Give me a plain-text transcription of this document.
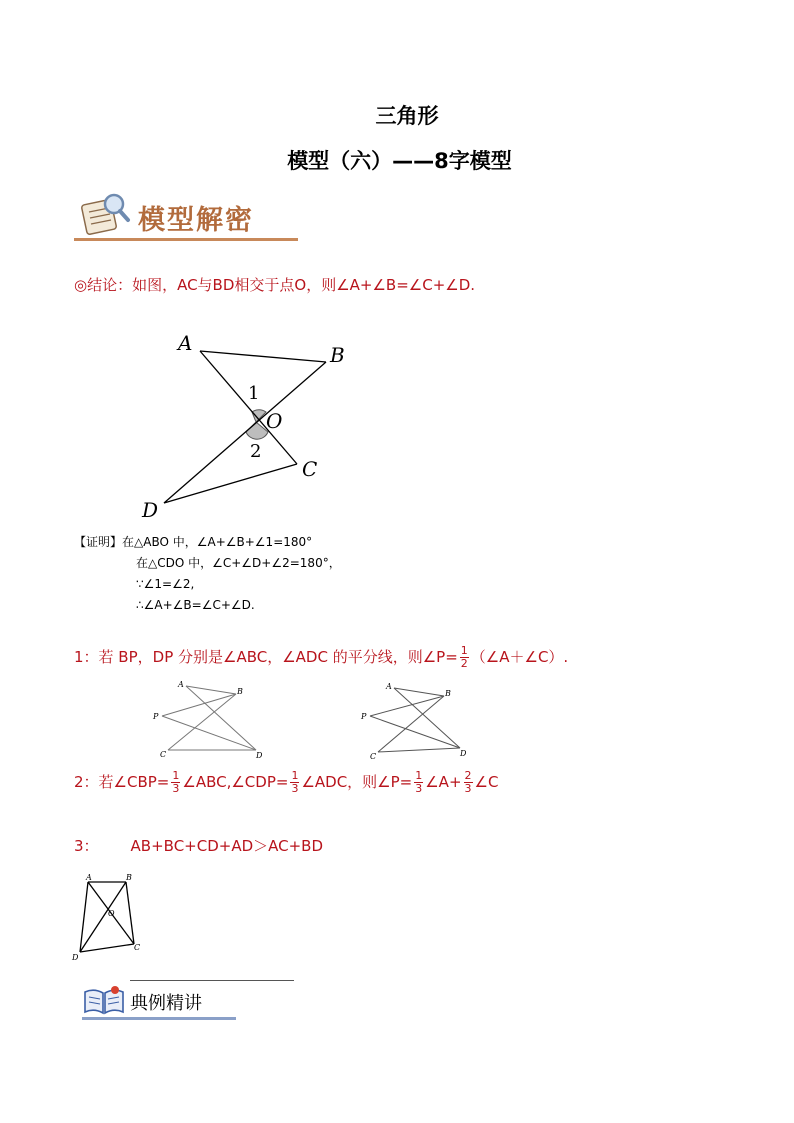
三角形
模型（六）——8字模型
模型解密
◎结论：如图，AC与BD相交于点O，则∠A+∠B=∠C+∠D.
A	B
C
D
O
1
2
【证明】在△ABO 中，∠A+∠B+∠1=180°
在△CDO 中，∠C+∠D+∠2=180°，
∵∠1=∠2,
∴∠A+∠B=∠C+∠D.
1：若 BP，DP 分别是∠ABC，∠ADC 的平分线，则∠P= $\frac{1}{2}$ （∠A＋∠C）.
A
B
P
C	D
A
B
P
C	D
2：若∠CBP= $\frac{1}{3}$ ∠ABC,∠CDP= $\frac{1}{3}$ ∠ADC，则∠P= $\frac{1}{3}$ ∠A+ $\frac{2}{3}$ ∠C
3： AB+BC+CD+AD＞AC+BD
A	B
O
C
D
典例精讲
